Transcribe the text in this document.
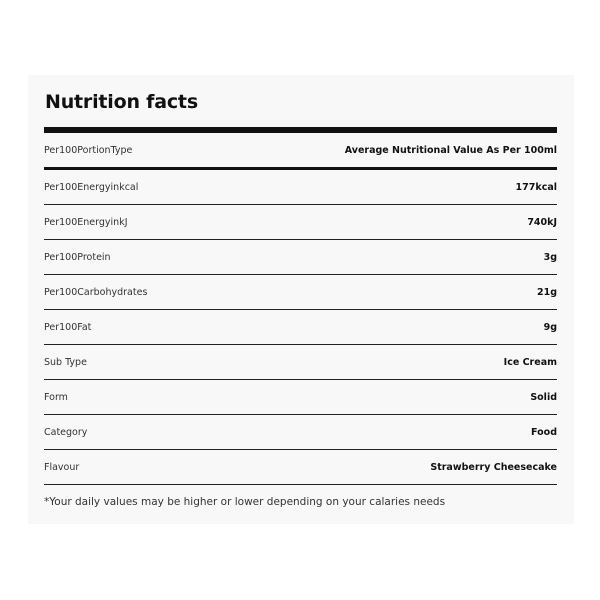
Nutrition facts
Per100PortionType	Average Nutritional Value As Per 100ml
Per100Energyinkcal	177kcal
Per100EnergyinkJ	740kJ
Per100Protein	3g
Per100Carbohydrates	21g
Per100Fat	9g
Sub Type	Ice Cream
Form	Solid
Category	Food
Flavour	Strawberry Cheesecake

*Your daily values may be higher or lower depending on your calaries needs
